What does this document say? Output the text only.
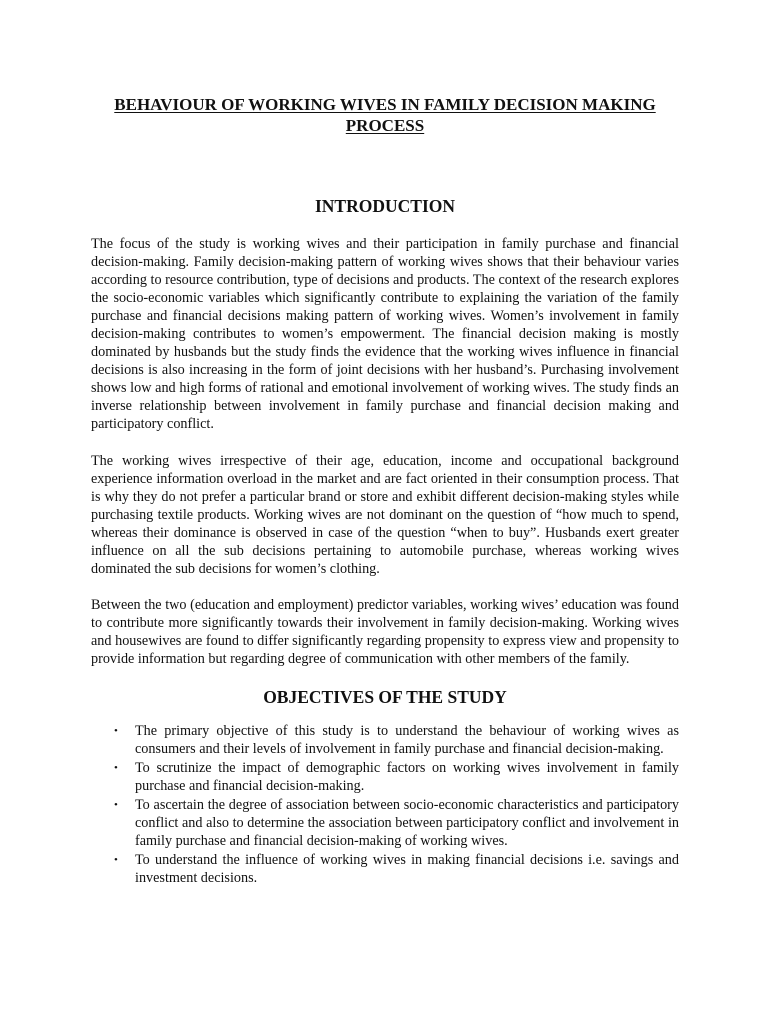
BEHAVIOUR OF WORKING WIVES IN FAMILY DECISION MAKING
PROCESS
INTRODUCTION

The focus of the study is working wives and their participation in family purchase and financial decision-making. Family decision-making pattern of working wives shows that their behaviour varies according to resource contribution, type of decisions and products. The context of the research explores the socio-economic variables which significantly contribute to explaining the variation of the family purchase and financial decisions making pattern of working wives. Women’s involvement in family decision-making contributes to women’s empowerment. The financial decision making is mostly dominated by husbands but the study finds the evidence that the working wives influence in financial decisions is also increasing in the form of joint decisions with her husband’s. Purchasing involvement shows low and high forms of rational and emotional involvement of working wives. The study finds an inverse relationship between involvement in family purchase and financial decision making and participatory conflict.

The working wives irrespective of their age, education, income and occupational background experience information overload in the market and are fact oriented in their consumption process. That is why they do not prefer a particular brand or store and exhibit different decision-making styles while purchasing textile products. Working wives are not dominant on the question of “how much to spend, whereas their dominance is observed in case of the question “when to buy”. Husbands exert greater influence on all the sub decisions pertaining to automobile purchase, whereas working wives dominated the sub decisions for women’s clothing.

Between the two (education and employment) predictor variables, working wives’ education was found to contribute more significantly towards their involvement in family decision-making. Working wives and housewives are found to differ significantly regarding propensity to express view and propensity to provide information but regarding degree of communication with other members of the family.

OBJECTIVES OF THE STUDY
• The primary objective of this study is to understand the behaviour of working wives as consumers and their levels of involvement in family purchase and financial decision-making.
• To scrutinize the impact of demographic factors on working wives involvement in family purchase and financial decision-making.
• To ascertain the degree of association between socio-economic characteristics and participatory conflict and also to determine the association between participatory conflict and involvement in family purchase and financial decision-making of working wives.
• To understand the influence of working wives in making financial decisions i.e. savings and investment decisions.
